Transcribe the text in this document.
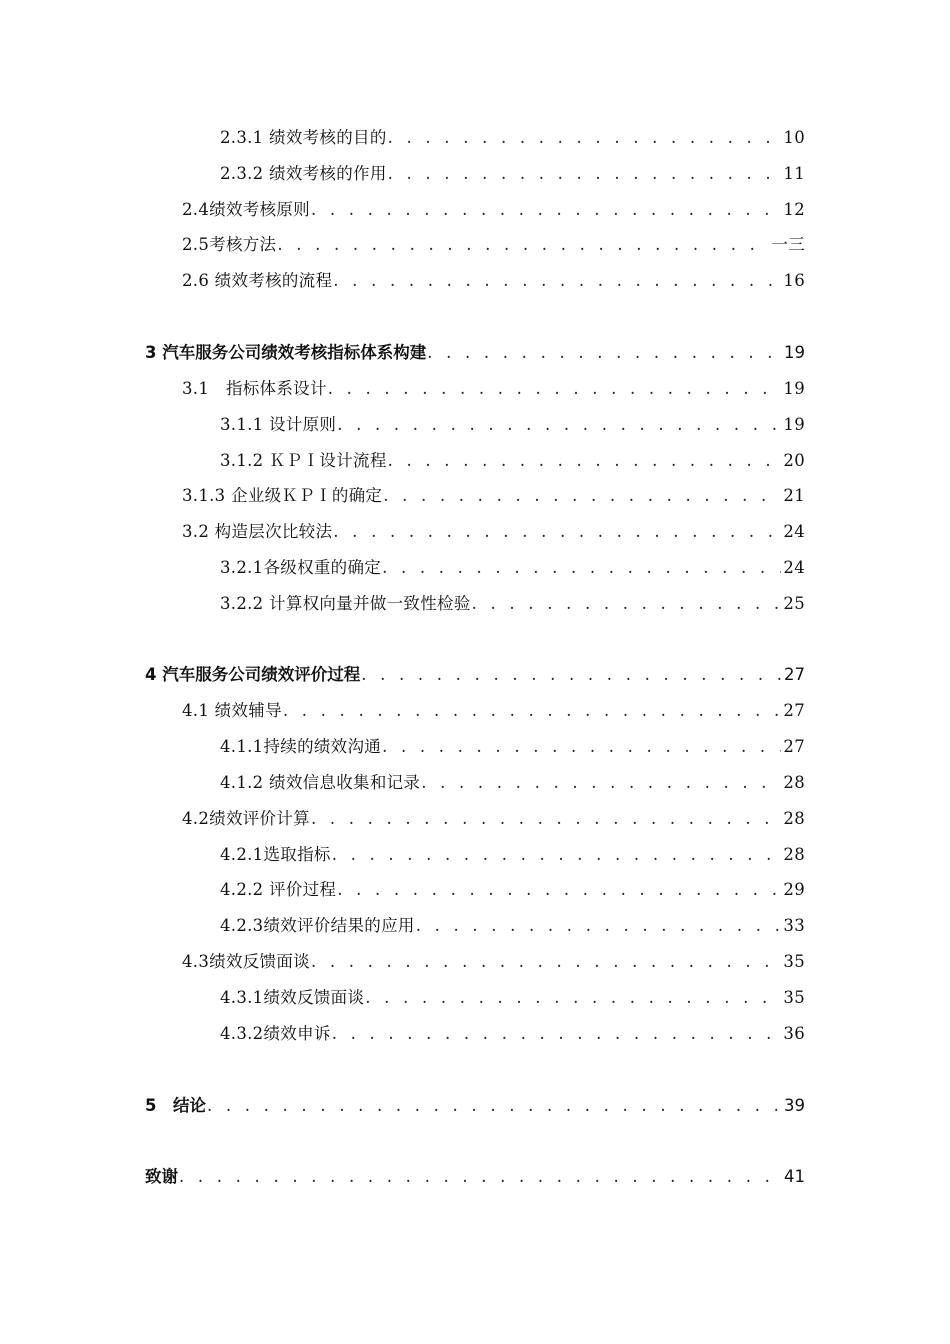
2.3.1 绩效考核的目的 . . .	10
2.3.2 绩效考核的作用 . . .	11
2.4绩效考核原则 . . .	12
2.5考核方法 . . .	一三
2.6 绩效考核的流程 . . .	16
3 汽车服务公司绩效考核指标体系构建 . . .	19
3.1　指标体系设计 . . .	19
3.1.1 设计原则 . . .	19
3.1.2 ＫＰＩ设计流程 . . .	20
3.1.3 企业级ＫＰＩ的确定 . . .	21
3.2 构造层次比较法 . . .	24
3.2.1各级权重的确定 . . .	24
3.2.2 计算权向量并做一致性检验 . . .	25
4 汽车服务公司绩效评价过程 . . .	27
4.1 绩效辅导 . . .	27
4.1.1持续的绩效沟通 . . .	27
4.1.2 绩效信息收集和记录 . . .	28
4.2绩效评价计算 . . .	28
4.2.1选取指标 . . .	28
4.2.2 评价过程 . . .	29
4.2.3绩效评价结果的应用 . . .	33
4.3绩效反馈面谈 . . .	35
4.3.1绩效反馈面谈 . . .	35
4.3.2绩效申诉 . . .	36
5　结论 . . .	39
致谢 . . .	41
